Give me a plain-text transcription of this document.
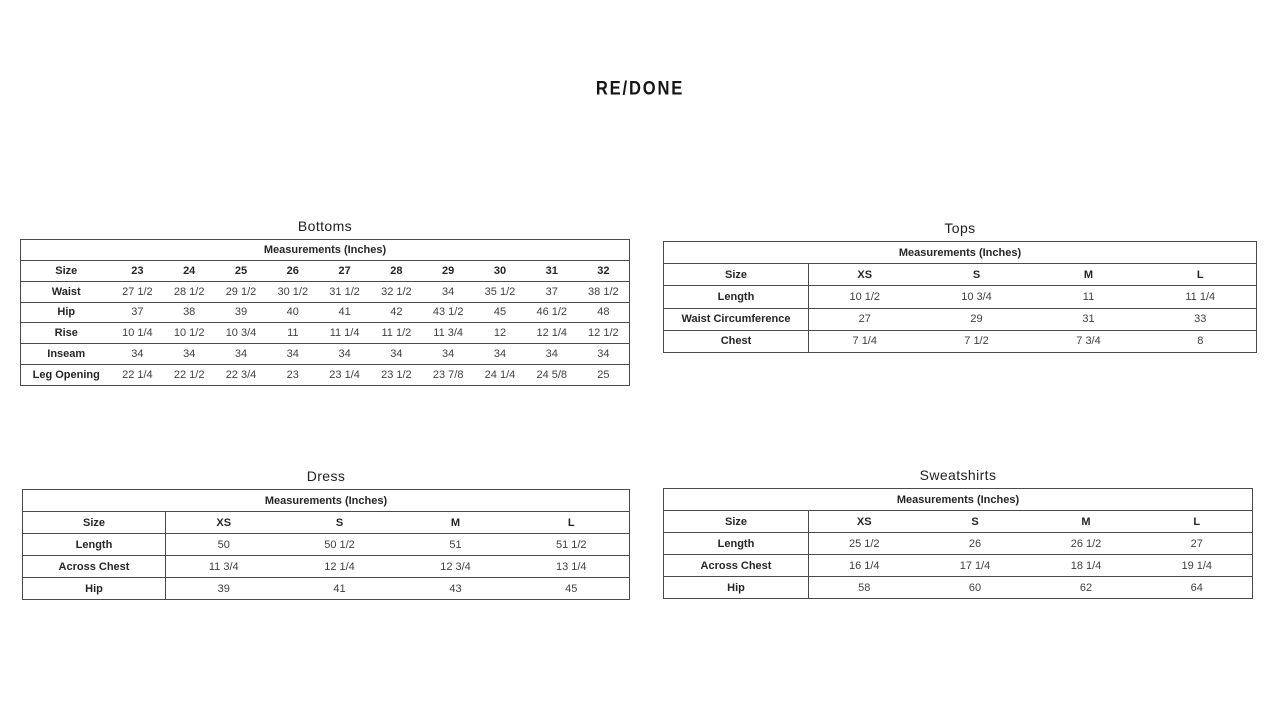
RE/DONE
Bottoms
Measurements (Inches)										
Size	23	24	25	26	27	28	29	30	31	32
Waist	27 1/2	28 1/2	29 1/2	30 1/2	31 1/2	32 1/2	34	35 1/2	37	38 1/2
Hip	37	38	39	40	41	42	43 1/2	45	46 1/2	48
Rise	10 1/4	10 1/2	10 3/4	11	11 1/4	11 1/2	11 3/4	12	12 1/4	12 1/2
Inseam	34	34	34	34	34	34	34	34	34	34
Leg Opening	22 1/4	22 1/2	22 3/4	23	23 1/4	23 1/2	23 7/8	24 1/4	24 5/8	25
Tops
Measurements (Inches)				
Size	XS	S	M	L
Length	10 1/2	10 3/4	11	11 1/4
Waist Circumference	27	29	31	33
Chest	7 1/4	7 1/2	7 3/4	8
Dress
Measurements (Inches)				
Size	XS	S	M	L
Length	50	50 1/2	51	51 1/2
Across Chest	11 3/4	12 1/4	12 3/4	13 1/4
Hip	39	41	43	45
Sweatshirts
Measurements (Inches)				
Size	XS	S	M	L
Length	25 1/2	26	26 1/2	27
Across Chest	16 1/4	17 1/4	18 1/4	19 1/4
Hip	58	60	62	64
